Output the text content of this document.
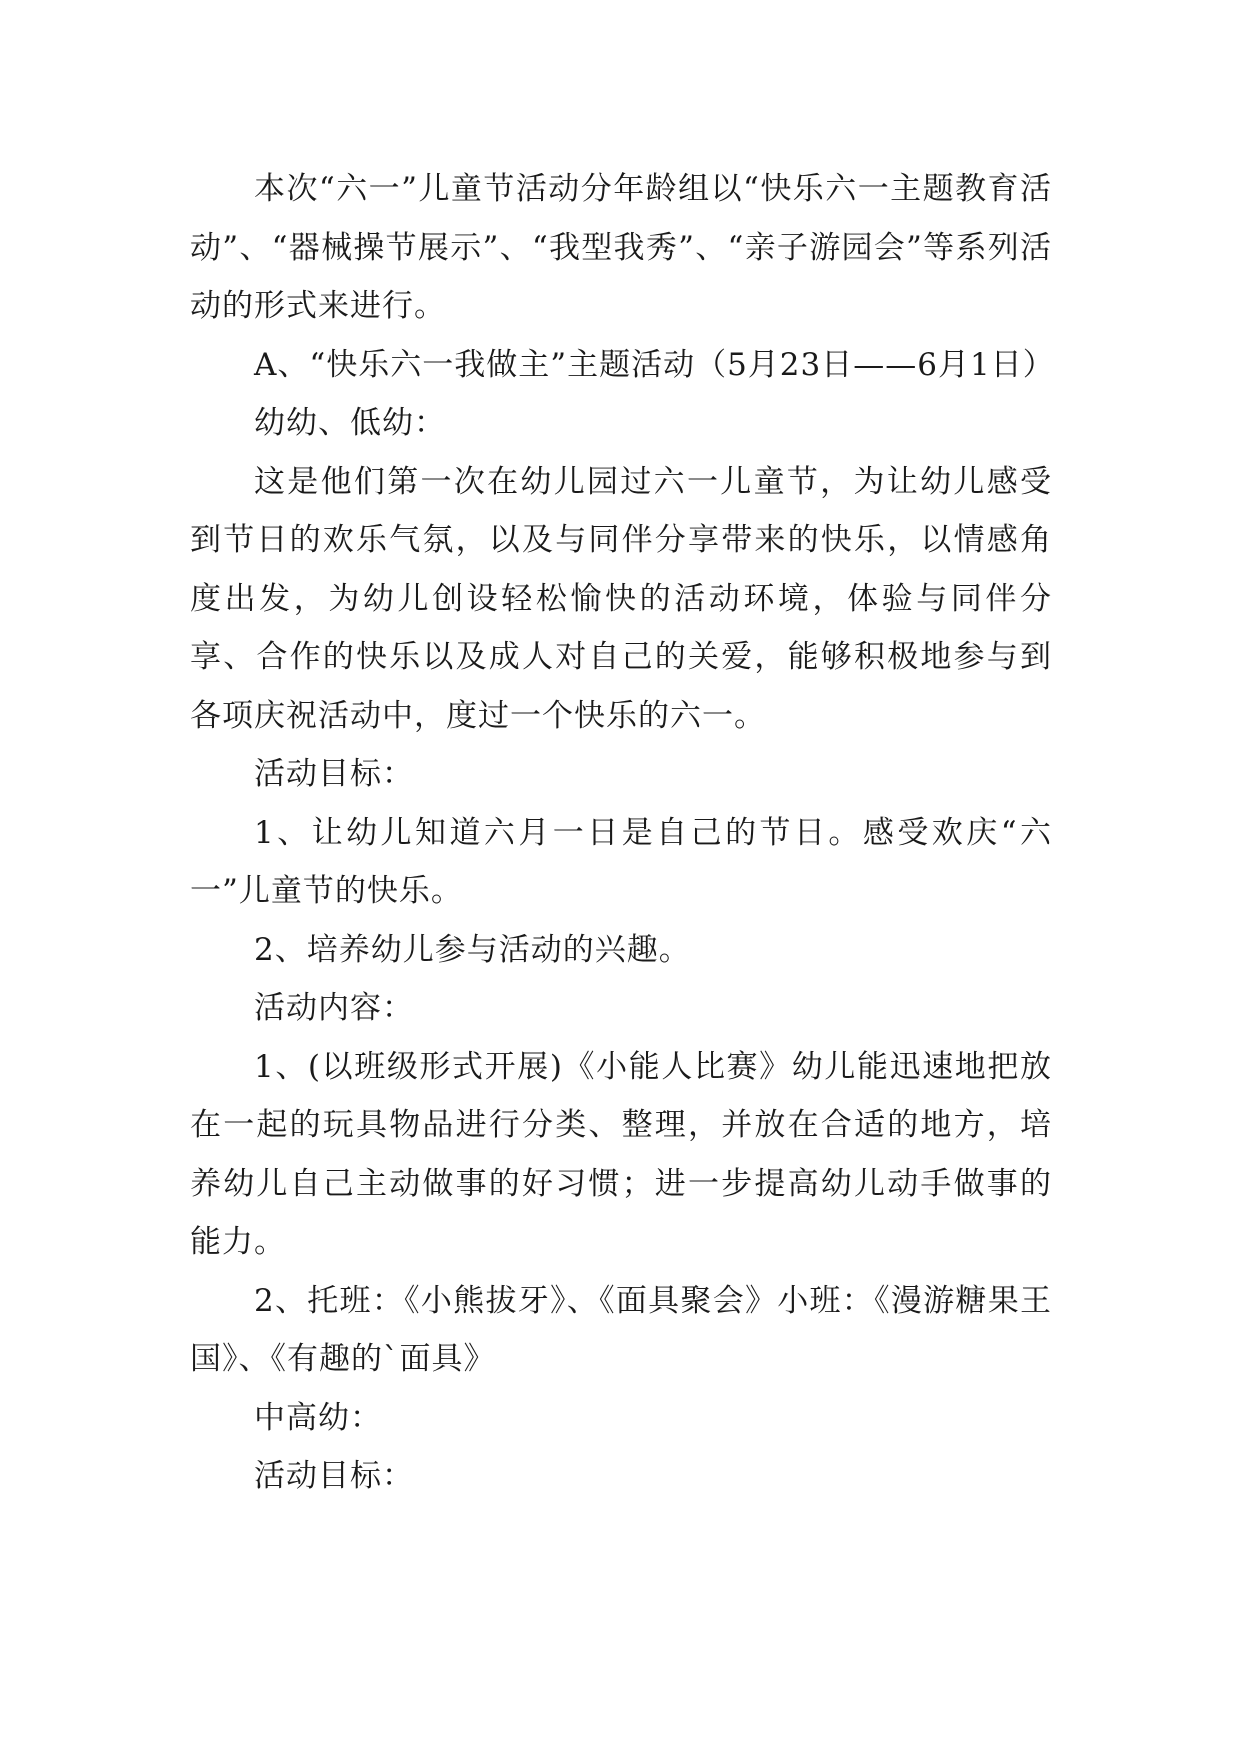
本次“六一”儿童节活动分年龄组以“快乐六一主题教育活动”、“器械操节展示”、“我型我秀”、“亲子游园会”等系列活动的形式来进行。

A、“快乐六一我做主”主题活动（5月23日——6月1日）

幼幼、低幼：

这是他们第一次在幼儿园过六一儿童节，为让幼儿感受到节日的欢乐气氛，以及与同伴分享带来的快乐，以情感角度出发，为幼儿创设轻松愉快的活动环境，体验与同伴分享、合作的快乐以及成人对自己的关爱，能够积极地参与到各项庆祝活动中，度过一个快乐的六一。

活动目标：

1、让幼儿知道六月一日是自己的节日。感受欢庆“六一”儿童节的快乐。

2、培养幼儿参与活动的兴趣。

活动内容：

1、(以班级形式开展)《小能人比赛》幼儿能迅速地把放在一起的玩具物品进行分类、整理，并放在合适的地方，培养幼儿自己主动做事的好习惯；进一步提高幼儿动手做事的能力。

2、托班：《小熊拔牙》、《面具聚会》小班：《漫游糖果王国》、《有趣的`面具》

中高幼：

活动目标：
